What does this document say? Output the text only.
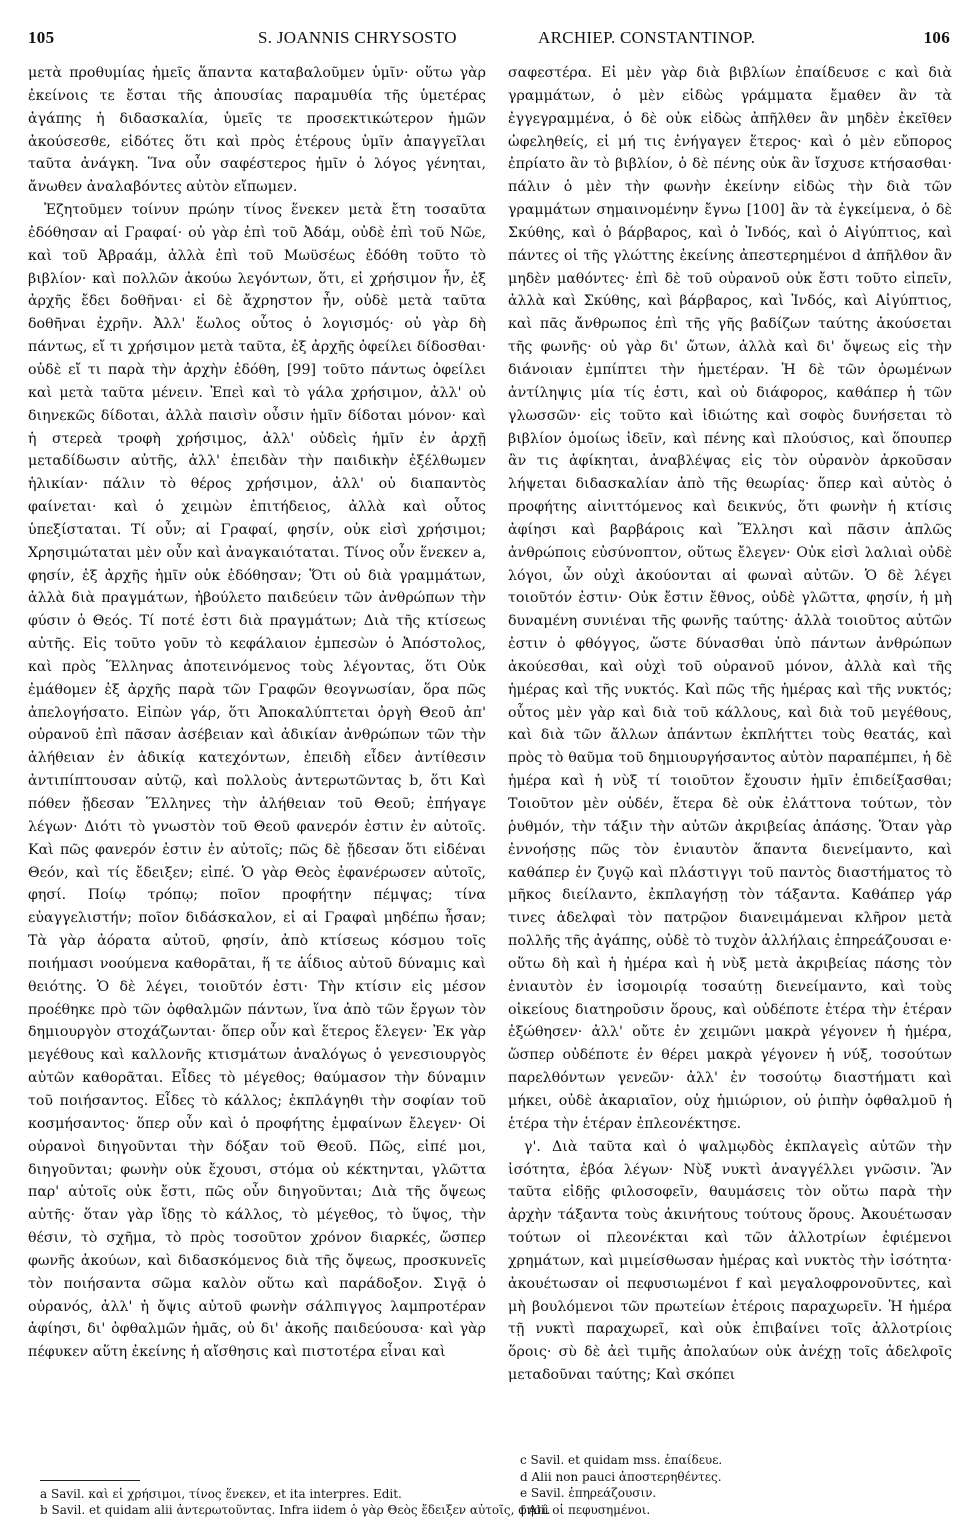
105	S. JOANNIS CHRYSOSTO	ARCHIEP. CONSTANTINOP.	106

μετὰ προθυμίας ἡμεῖς ἅπαντα καταβαλοῦμεν ὑμῖν· οὕτω γὰρ ἐκείνοις τε ἔσται τῆς ἀπουσίας παραμυθία τῆς ὑμετέρας ἀγάπης ἡ διδασκαλία, ὑμεῖς τε προσεκτικώτερον ἡμῶν ἀκούσεσθε, εἰδότες ὅτι καὶ πρὸς ἑτέρους ὑμῖν ἀπαγγεῖλαι ταῦτα ἀνάγκη. Ἵνα οὖν σαφέστερος ἡμῖν ὁ λόγος γένηται, ἄνωθεν ἀναλαβόντες αὐτὸν εἴπωμεν.

Ἐζητοῦμεν τοίνυν πρώην τίνος ἕνεκεν μετὰ ἔτη τοσαῦτα ἐδόθησαν αἱ Γραφαί· οὐ γὰρ ἐπὶ τοῦ Ἀδάμ, οὐδὲ ἐπὶ τοῦ Νῶε, καὶ τοῦ Ἀβραάμ, ἀλλὰ ἐπὶ τοῦ Μωϋσέως ἐδόθη τοῦτο τὸ βιβλίον· καὶ πολλῶν ἀκούω λεγόντων, ὅτι, εἰ χρήσιμον ἦν, ἐξ ἀρχῆς ἔδει δοθῆναι· εἰ δὲ ἄχρηστον ἦν, οὐδὲ μετὰ ταῦτα δοθῆναι ἐχρῆν. Ἀλλ' ἕωλος οὗτος ὁ λογισμός· οὐ γὰρ δὴ πάντως, εἴ τι χρήσιμον μετὰ ταῦτα, ἐξ ἀρχῆς ὀφείλει δίδοσθαι· οὐδὲ εἴ τι παρὰ τὴν ἀρχὴν ἐδόθη, [99] τοῦτο πάντως ὀφείλει καὶ μετὰ ταῦτα μένειν. Ἐπεὶ καὶ τὸ γάλα χρήσιμον, ἀλλ' οὐ διηνεκῶς δίδοται, ἀλλὰ παισὶν οὖσιν ἡμῖν δίδοται μόνον· καὶ ἡ στερεὰ τροφὴ χρήσιμος, ἀλλ' οὐδεὶς ἡμῖν ἐν ἀρχῇ μεταδίδωσιν αὐτῆς, ἀλλ' ἐπειδὰν τὴν παιδικὴν ἐξέλθωμεν ἡλικίαν· πάλιν τὸ θέρος χρήσιμον, ἀλλ' οὐ διαπαντὸς φαίνεται· καὶ ὁ χειμὼν ἐπιτήδειος, ἀλλὰ καὶ οὗτος ὑπεξίσταται. Τί οὖν; αἱ Γραφαί, φησίν, οὐκ εἰσὶ χρήσιμοι; Χρησιμώταται μὲν οὖν καὶ ἀναγκαιόταται. Τίνος οὖν ἕνεκεν a, φησίν, ἐξ ἀρχῆς ἡμῖν οὐκ ἐδόθησαν; Ὅτι οὐ διὰ γραμμάτων, ἀλλὰ διὰ πραγμάτων, ἠβούλετο παιδεύειν τῶν ἀνθρώπων τὴν φύσιν ὁ Θεός. Τί ποτέ ἐστι διὰ πραγμάτων; Διὰ τῆς κτίσεως αὐτῆς. Εἰς τοῦτο γοῦν τὸ κεφάλαιον ἐμπεσὼν ὁ Ἀπόστολος, καὶ πρὸς Ἕλληνας ἀποτεινόμενος τοὺς λέγοντας, ὅτι Οὐκ ἐμάθομεν ἐξ ἀρχῆς παρὰ τῶν Γραφῶν θεογνωσίαν, ὅρα πῶς ἀπελογήσατο. Εἰπὼν γάρ, ὅτι Ἀποκαλύπτεται ὀργὴ Θεοῦ ἀπ' οὐρανοῦ ἐπὶ πᾶσαν ἀσέβειαν καὶ ἀδικίαν ἀνθρώπων τῶν τὴν ἀλήθειαν ἐν ἀδικίᾳ κατεχόντων, ἐπειδὴ εἶδεν ἀντίθεσιν ἀντιπίπτουσαν αὐτῷ, καὶ πολλοὺς ἀντερωτῶντας b, ὅτι Καὶ πόθεν ᾔδεσαν Ἕλληνες τὴν ἀλήθειαν τοῦ Θεοῦ; ἐπήγαγε λέγων· Διότι τὸ γνωστὸν τοῦ Θεοῦ φανερόν ἐστιν ἐν αὐτοῖς. Καὶ πῶς φανερόν ἐστιν ἐν αὐτοῖς; πῶς δὲ ᾔδεσαν ὅτι εἰδέναι Θεόν, καὶ τίς ἔδειξεν; εἰπέ. Ὁ γὰρ Θεὸς ἐφανέρωσεν αὐτοῖς, φησί. Ποίῳ τρόπῳ; ποῖον προφήτην πέμψας; τίνα εὐαγγελιστήν; ποῖον διδάσκαλον, εἰ αἱ Γραφαὶ μηδέπω ἦσαν; Τὰ γὰρ ἀόρατα αὐτοῦ, φησίν, ἀπὸ κτίσεως κόσμου τοῖς ποιήμασι νοούμενα καθορᾶται, ἥ τε ἀΐδιος αὐτοῦ δύναμις καὶ θειότης. Ὁ δὲ λέγει, τοιοῦτόν ἐστι· Τὴν κτίσιν εἰς μέσον προέθηκε πρὸ τῶν ὀφθαλμῶν πάντων, ἵνα ἀπὸ τῶν ἔργων τὸν δημιουργὸν στοχάζωνται· ὅπερ οὖν καὶ ἕτερος ἔλεγεν· Ἐκ γὰρ μεγέθους καὶ καλλονῆς κτισμάτων ἀναλόγως ὁ γενεσιουργὸς αὐτῶν καθορᾶται. Εἶδες τὸ μέγεθος; θαύμασον τὴν δύναμιν τοῦ ποιήσαντος. Εἶδες τὸ κάλλος; ἐκπλάγηθι τὴν σοφίαν τοῦ κοσμήσαντος· ὅπερ οὖν καὶ ὁ προφήτης ἐμφαίνων ἔλεγεν· Οἱ οὐρανοὶ διηγοῦνται τὴν δόξαν τοῦ Θεοῦ. Πῶς, εἰπέ μοι, διηγοῦνται; φωνὴν οὐκ ἔχουσι, στόμα οὐ κέκτηνται, γλῶττα παρ' αὐτοῖς οὐκ ἔστι, πῶς οὖν διηγοῦνται; Διὰ τῆς ὄψεως αὐτῆς· ὅταν γὰρ ἴδῃς τὸ κάλλος, τὸ μέγεθος, τὸ ὕψος, τὴν θέσιν, τὸ σχῆμα, τὸ πρὸς τοσοῦτον χρόνον διαρκές, ὥσπερ φωνῆς ἀκούων, καὶ διδασκόμενος διὰ τῆς ὄψεως, προσκυνεῖς τὸν ποιήσαντα σῶμα καλὸν οὕτω καὶ παράδοξον. Σιγᾷ ὁ οὐρανός, ἀλλ' ἡ ὄψις αὐτοῦ φωνὴν σάλπιγγος λαμπροτέραν ἀφίησι, δι' ὀφθαλμῶν ἡμᾶς, οὐ δι' ἀκοῆς παιδεύουσα· καὶ γὰρ πέφυκεν αὕτη ἐκείνης ἡ αἴσθησις καὶ πιστοτέρα εἶναι καὶ

σαφεστέρα. Εἰ μὲν γὰρ διὰ βιβλίων ἐπαίδευσε c καὶ διὰ γραμμάτων, ὁ μὲν εἰδὼς γράμματα ἔμαθεν ἂν τὰ ἐγγεγραμμένα, ὁ δὲ οὐκ εἰδὼς ἀπῆλθεν ἂν μηδὲν ἐκεῖθεν ὠφεληθείς, εἰ μή τις ἐνήγαγεν ἕτερος· καὶ ὁ μὲν εὔπορος ἐπρίατο ἂν τὸ βιβλίον, ὁ δὲ πένης οὐκ ἂν ἴσχυσε κτήσασθαι· πάλιν ὁ μὲν τὴν φωνὴν ἐκείνην εἰδὼς τὴν διὰ τῶν γραμμάτων σημαινομένην ἔγνω [100] ἂν τὰ ἐγκείμενα, ὁ δὲ Σκύθης, καὶ ὁ βάρβαρος, καὶ ὁ Ἰνδός, καὶ ὁ Αἰγύπτιος, καὶ πάντες οἱ τῆς γλώττης ἐκείνης ἀπεστερημένοι d ἀπῆλθον ἂν μηδὲν μαθόντες· ἐπὶ δὲ τοῦ οὐρανοῦ οὐκ ἔστι τοῦτο εἰπεῖν, ἀλλὰ καὶ Σκύθης, καὶ βάρβαρος, καὶ Ἰνδός, καὶ Αἰγύπτιος, καὶ πᾶς ἄνθρωπος ἐπὶ τῆς γῆς βαδίζων ταύτης ἀκούσεται τῆς φωνῆς· οὐ γὰρ δι' ὤτων, ἀλλὰ καὶ δι' ὄψεως εἰς τὴν διάνοιαν ἐμπίπτει τὴν ἡμετέραν. Ἡ δὲ τῶν ὁρωμένων ἀντίληψις μία τίς ἐστι, καὶ οὐ διάφορος, καθάπερ ἡ τῶν γλωσσῶν· εἰς τοῦτο καὶ ἰδιώτης καὶ σοφὸς δυνήσεται τὸ βιβλίον ὁμοίως ἰδεῖν, καὶ πένης καὶ πλούσιος, καὶ ὅπουπερ ἂν τις ἀφίκηται, ἀναβλέψας εἰς τὸν οὐρανὸν ἀρκοῦσαν λήψεται διδασκαλίαν ἀπὸ τῆς θεωρίας· ὅπερ καὶ αὐτὸς ὁ προφήτης αἰνιττόμενος καὶ δεικνύς, ὅτι φωνὴν ἡ κτίσις ἀφίησι καὶ βαρβάροις καὶ Ἕλλησι καὶ πᾶσιν ἁπλῶς ἀνθρώποις εὐσύνοπτον, οὕτως ἔλεγεν· Οὐκ εἰσὶ λαλιαὶ οὐδὲ λόγοι, ὧν οὐχὶ ἀκούονται αἱ φωναὶ αὐτῶν. Ὁ δὲ λέγει τοιοῦτόν ἐστιν· Οὐκ ἔστιν ἔθνος, οὐδὲ γλῶττα, φησίν, ἡ μὴ δυναμένη συνιέναι τῆς φωνῆς ταύτης· ἀλλὰ τοιοῦτος αὐτῶν ἐστιν ὁ φθόγγος, ὥστε δύνασθαι ὑπὸ πάντων ἀνθρώπων ἀκούεσθαι, καὶ οὐχὶ τοῦ οὐρανοῦ μόνον, ἀλλὰ καὶ τῆς ἡμέρας καὶ τῆς νυκτός. Καὶ πῶς τῆς ἡμέρας καὶ τῆς νυκτός; οὗτος μὲν γὰρ καὶ διὰ τοῦ κάλλους, καὶ διὰ τοῦ μεγέθους, καὶ διὰ τῶν ἄλλων ἁπάντων ἐκπλήττει τοὺς θεατάς, καὶ πρὸς τὸ θαῦμα τοῦ δημιουργήσαντος αὐτὸν παραπέμπει, ἡ δὲ ἡμέρα καὶ ἡ νὺξ τί τοιοῦτον ἔχουσιν ἡμῖν ἐπιδείξασθαι; Τοιοῦτον μὲν οὐδέν, ἕτερα δὲ οὐκ ἐλάττονα τούτων, τὸν ῥυθμόν, τὴν τάξιν τὴν αὐτῶν ἀκριβείας ἁπάσης. Ὅταν γὰρ ἐννοήσῃς πῶς τὸν ἐνιαυτὸν ἅπαντα διενείμαντο, καὶ καθάπερ ἐν ζυγῷ καὶ πλάστιγγι τοῦ παντὸς διαστήματος τὸ μῆκος διείλαντο, ἐκπλαγήσῃ τὸν τάξαντα. Καθάπερ γάρ τινες ἀδελφαὶ τὸν πατρῷον διανειμάμεναι κλῆρον μετὰ πολλῆς τῆς ἀγάπης, οὐδὲ τὸ τυχὸν ἀλλήλαις ἐπηρεάζουσαι e· οὕτω δὴ καὶ ἡ ἡμέρα καὶ ἡ νὺξ μετὰ ἀκριβείας πάσης τὸν ἐνιαυτὸν ἐν ἰσομοιρίᾳ τοσαύτῃ διενείμαντο, καὶ τοὺς οἰκείους διατηροῦσιν ὅρους, καὶ οὐδέποτε ἑτέρα τὴν ἑτέραν ἐξώθησεν· ἀλλ' οὔτε ἐν χειμῶνι μακρὰ γέγονεν ἡ ἡμέρα, ὥσπερ οὐδέποτε ἐν θέρει μακρὰ γέγονεν ἡ νύξ, τοσούτων παρελθόντων γενεῶν· ἀλλ' ἐν τοσούτῳ διαστήματι καὶ μήκει, οὐδὲ ἀκαριαῖον, οὐχ ἡμιώριον, οὐ ῥιπὴν ὀφθαλμοῦ ἡ ἑτέρα τὴν ἑτέραν ἐπλεονέκτησε.

γ'. Διὰ ταῦτα καὶ ὁ ψαλμῳδὸς ἐκπλαγεὶς αὐτῶν τὴν ἰσότητα, ἐβόα λέγων· Νὺξ νυκτὶ ἀναγγέλλει γνῶσιν. Ἂν ταῦτα εἰδῇς φιλοσοφεῖν, θαυμάσεις τὸν οὕτω παρὰ τὴν ἀρχὴν τάξαντα τοὺς ἀκινήτους τούτους ὅρους. Ἀκουέτωσαν τούτων οἱ πλεονέκται καὶ τῶν ἀλλοτρίων ἐφιέμενοι χρημάτων, καὶ μιμείσθωσαν ἡμέρας καὶ νυκτὸς τὴν ἰσότητα· ἀκουέτωσαν οἱ πεφυσιωμένοι f καὶ μεγαλοφρονοῦντες, καὶ μὴ βουλόμενοι τῶν πρωτείων ἑτέροις παραχωρεῖν. Ἡ ἡμέρα τῇ νυκτὶ παραχωρεῖ, καὶ οὐκ ἐπιβαίνει τοῖς ἀλλοτρίοις ὅροις· σὺ δὲ ἀεὶ τιμῆς ἀπολαύων οὐκ ἀνέχῃ τοῖς ἀδελφοῖς μεταδοῦναι ταύτης; Καὶ σκόπει

a Savil. καὶ εἰ χρήσιμοι, τίνος ἕνεκεν, et ita interpres. Edit.

b Savil. et quidam alii ἀντερωτοῦντας. Infra iidem ὁ γὰρ Θεὸς ἔδειξεν αὐτοῖς, φησί.

c Savil. et quidam mss. ἐπαίδευε.

d Alii non pauci ἀποστερηθέντες.

e Savil. ἐπηρεάζουσιν.

f Alii οἱ πεφυσημένοι.
